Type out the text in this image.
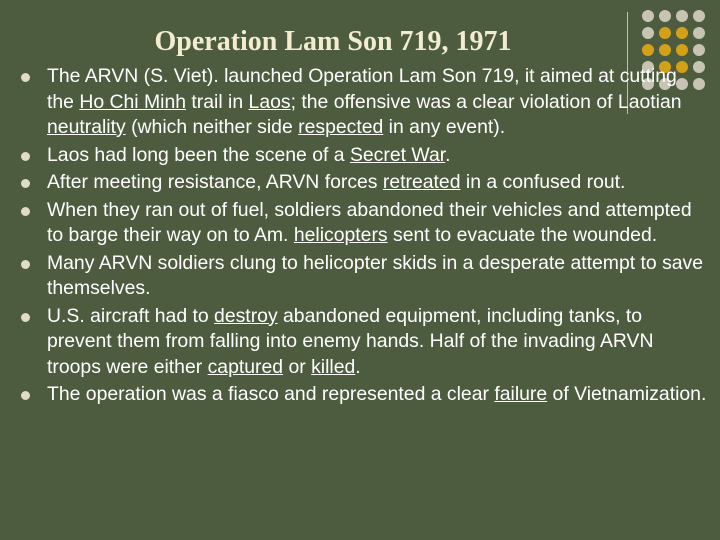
Operation Lam Son 719, 1971
The ARVN (S. Viet). launched Operation Lam Son 719, it aimed at cutting the Ho Chi Minh trail in Laos; the offensive was a clear violation of Laotian neutrality (which neither side respected in any event).
Laos had long been the scene of a Secret War.
After meeting resistance, ARVN forces retreated in a confused rout.
When they ran out of fuel, soldiers abandoned their vehicles and attempted to barge their way on to Am. helicopters sent to evacuate the wounded.
Many ARVN soldiers clung to helicopter skids in a desperate attempt to save themselves.
U.S. aircraft had to destroy abandoned equipment, including tanks, to prevent them from falling into enemy hands. Half of the invading ARVN troops were either captured or killed.
The operation was a fiasco and represented a clear failure of Vietnamization.
